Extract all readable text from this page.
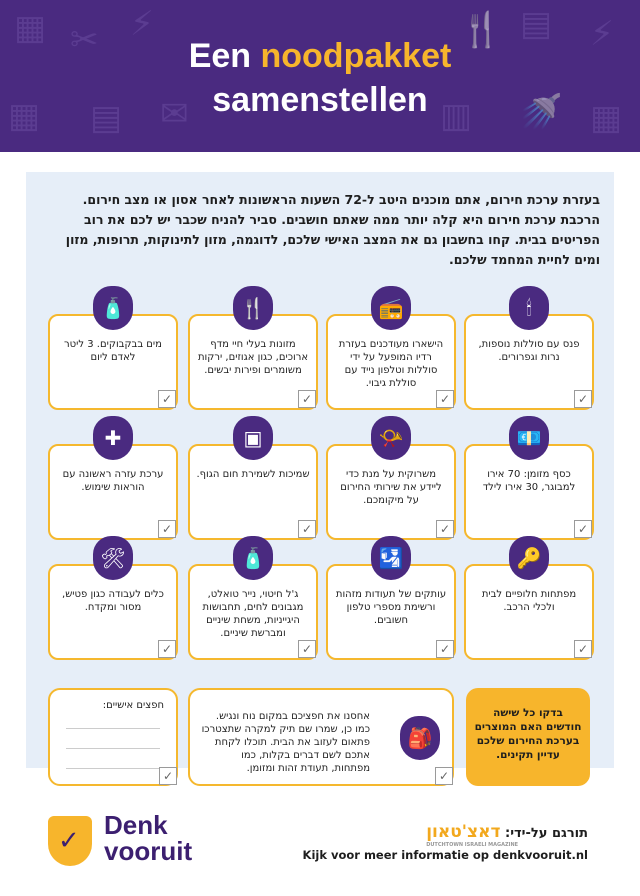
▦ ✂ ⚡	🍴 ▤ ⚡
▦ ▤ ✉	▥ 🚿 ▦
Een noodpakket
samenstellen
בעזרת ערכת חירום, אתם מוכנים היטב ל-72 השעות הראשונות לאחר אסון או מצב חירום. הרכבת ערכת חירום היא קלה יותר ממה שאתם חושבים. סביר להניח שכבר יש לכם את רוב הפריטים בבית. קחו בחשבון גם את המצב האישי שלכם, לדוגמה, מזון לתינוקות, תרופות, מזון ומים לחיית המחמד שלכם.
פנס עם סוללות נוספות, נרות וגפרורים.
✓
🕯
הישארו מעודכנים בעזרת רדיו המופעל על ידי סוללות וטלפון נייד עם סוללת גיבוי.
✓
📻
מזונות בעלי חיי מדף ארוכים, כגון אגוזים, ירקות משומרים ופירות יבשים.
✓
🍴
מים בבקבוקים. 3 ליטר לאדם ליום
✓
🧴
כסף מזומן: 70 אירו למבוגר, 30 אירו לילד
✓
💶
משרוקית על מנת כדי ליידע את שירותי החירום על מיקומכם.
✓
📯
שמיכות לשמירת חום הגוף.
✓
▣
ערכת עזרה ראשונה עם הוראות שימוש.
✓
✚
מפתחות חלופיים לבית ולכלי הרכב.
✓
🔑
עותקים של תעודות מזהות ורשימת מספרי טלפון חשובים.
✓
🛂
ג'ל חיטוי, נייר טואלט, מגבונים לחים, תחבושות היגייניות, משחת שיניים ומברשת שיניים.
✓
🧴
כלים לעבודה כגון פטיש, מסור ומקדח.
✓
🛠
בדקו כל שישה חודשים האם המוצרים בערכת החירום שלכם עדיין תקינים.
אחסנו את חפציכם במקום נוח ונגיש. כמו כן, שמרו שם תיק למקרה שתצטרכו פתאום לעזוב את הבית. תוכלו לקחת אתכם לשם דברים בקלות, כמו מפתחות, תעודת זהות ומזומן.
🎒
✓
חפצים אישיים:
✓
✓
Denk
vooruit
תורגם על-ידי: דאצ'טאון
DUTCHTOWN ISRAELI MAGAZINE
Kijk voor meer informatie op denkvooruit.nl
